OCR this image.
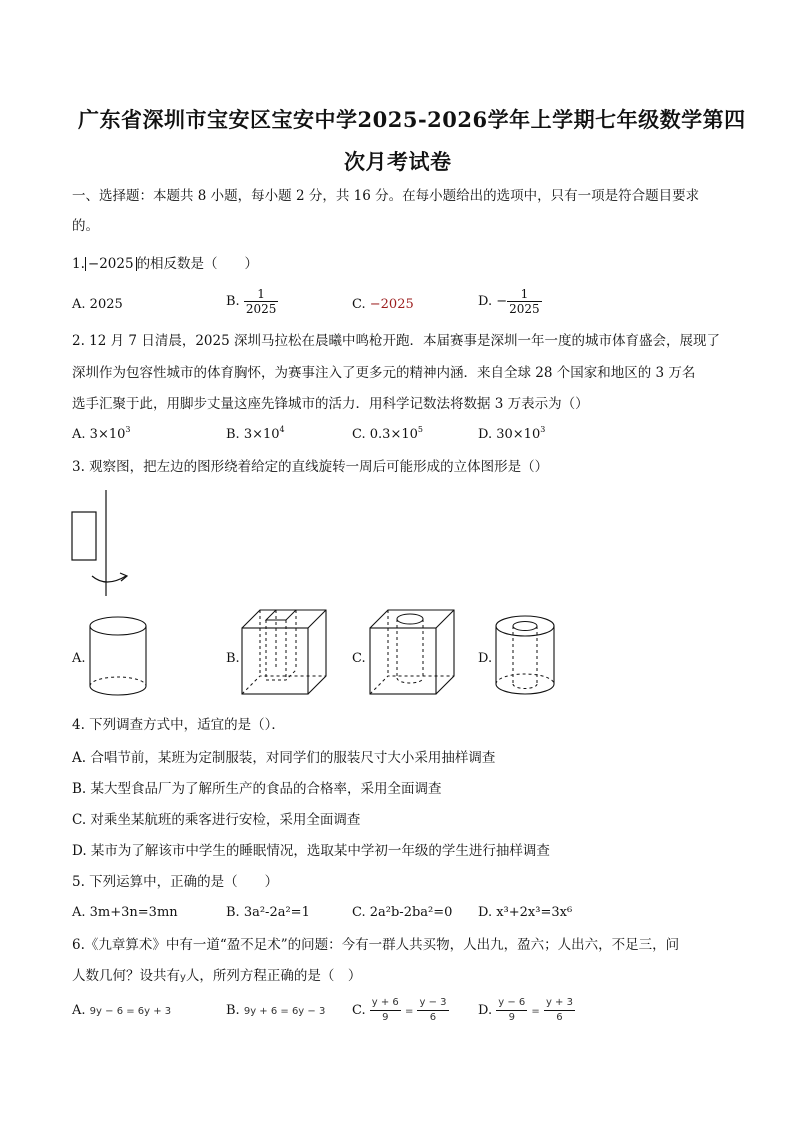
广东省深圳市宝安区宝安中学2025-2026学年上学期七年级数学第四
次月考试卷
一、选择题：本题共 8 小题，每小题 2 分，共 16 分。在每小题给出的选项中，只有一项是符合题目要求
的。
1. −2025 的相反数是（　　）
A. 2025	B. $\frac{1}{2025}$	C. −2025	D. − $\frac{1}{2025}$
2. 12 月 7 日清晨，2025 深圳马拉松在晨曦中鸣枪开跑．本届赛事是深圳一年一度的城市体育盛会，展现了
深圳作为包容性城市的体育胸怀，为赛事注入了更多元的精神内涵．来自全球 28 个国家和地区的 3 万名
选手汇聚于此，用脚步丈量这座先锋城市的活力．用科学记数法将数据 3 万表示为（）
A. $3\times 10^3$	B. $3\times 10^4$	C. $0.3\times 10^5$	D. $30\times 10^3$
3. 观察图，把左边的图形绕着给定的直线旋转一周后可能形成的立体图形是（）
A.	B.	C.	D.
4. 下列调查方式中，适宜的是（）．
A. 合唱节前，某班为定制服装，对同学们的服装尺寸大小采用抽样调查
B. 某大型食品厂为了解所生产的食品的合格率，采用全面调查
C. 对乘坐某航班的乘客进行安检，采用全面调查
D. 某市为了解该市中学生的睡眠情况，选取某中学初一年级的学生进行抽样调查
5. 下列运算中，正确的是（　　）
A. 3m+3n=3mn	B. 3a²-2a²=1	C. 2a²b-2ba²=0 D. x³+2x³=3x⁶
6.《九章算术》中有一道“盈不足术”的问题：今有一群人共买物，人出九，盈六；人出六，不足三，问
人数几何？设共有y人，所列方程正确的是（　）
A. 9y − 6 = 6y + 3	B. 9y + 6 = 6y − 3 C. $\frac{y + 6}{9} = \frac{y - 3}{6} D$. $\frac{y - 6}{9} = \frac{y + 3}{6}$
